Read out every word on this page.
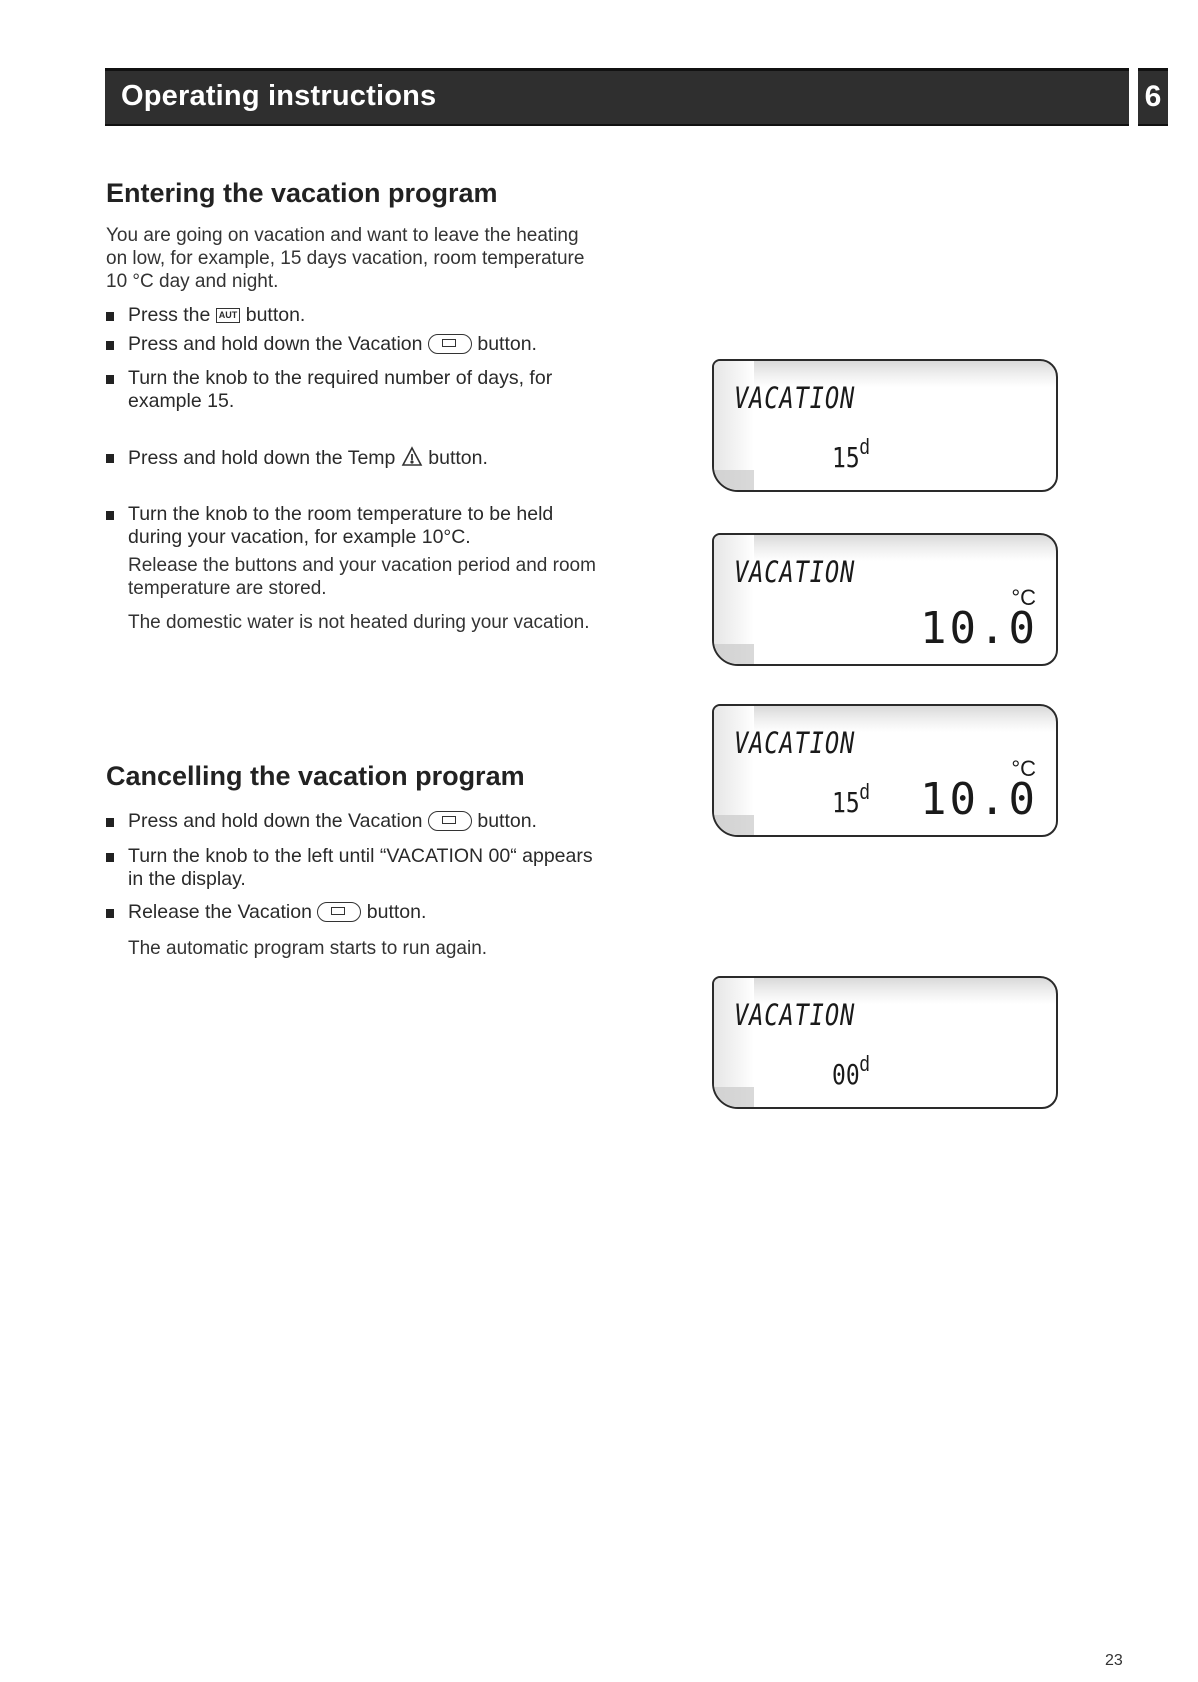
Operating instructions	6
Entering the vacation program
You are going on vacation and want to leave the heating on low, for example, 15 days vacation, room temperature 10 °C day and night.
Press the AUT button.
Press and hold down the Vacation	button.
Turn the knob to the required number of days, for example 15.
Press and hold down the Temp button.
Turn the knob to the room temperature to be held during your vacation, for example 10°C.
Release the buttons and your vacation period and room temperature are stored.
The domestic water is not heated during your vacation.
Cancelling the vacation program
Press and hold down the Vacation	button.
Turn the knob to the left until “VACATION 00“ appears in the display.
Release the Vacation	button.
The automatic program starts to run again.
VACATION
15$^d$
VACATION
°C
10.0
VACATION
15$^d$
°C
10.0
VACATION
00$^d$
23
